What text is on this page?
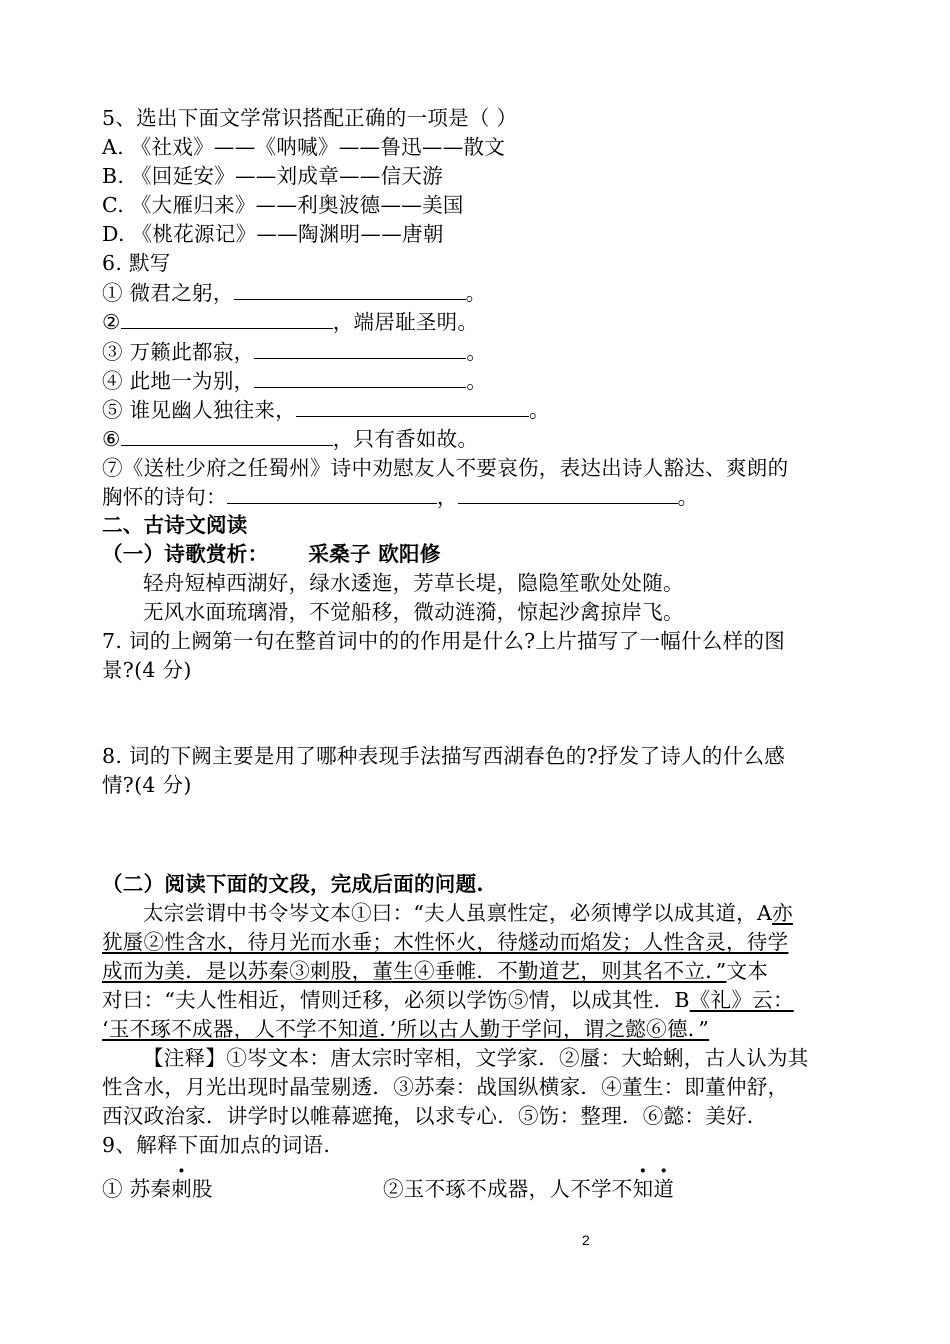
5、选出下面文学常识搭配正确的一项是（ ）
A. 《社戏》——《呐喊》——鲁迅——散文
B. 《回延安》——刘成章——信天游
C. 《大雁归来》——利奥波德——美国
D. 《桃花源记》——陶渊明——唐朝
6. 默写
① 微君之躬，	。
②	，端居耻圣明。
③ 万籁此都寂，	。
④ 此地一为别，	。
⑤ 谁见幽人独往来，	。
⑥	，只有香如故。
⑦《送杜少府之任蜀州》诗中劝慰友人不要哀伤，表达出诗人豁达、爽朗的
胸怀的诗句：	，	。
二、古诗文阅读
（一）诗歌赏析： 采桑子 欧阳修
轻舟短棹西湖好，绿水逶迤，芳草长堤，隐隐笙歌处处随。
无风水面琉璃滑，不觉船移，微动涟漪，惊起沙禽掠岸飞。
7. 词的上阙第一句在整首词中的的作用是什么?上片描写了一幅什么样的图
景?(4 分)
8. 词的下阙主要是用了哪种表现手法描写西湖春色的?抒发了诗人的什么感
情?(4 分)
（二）阅读下面的文段，完成后面的问题.
太宗尝谓中书令岑文本①曰：“夫人虽禀性定，必须博学以成其道，A亦
犹蜃②性含水，待月光而水垂；木性怀火，待燧动而焰发；人性含灵，待学
成而为美．是以苏秦③刺股，董生④垂帷．不勤道艺，则其名不立．”文本
对曰：“夫人性相近，情则迁移，必须以学饬⑤情，以成其性．B《礼》云：
‘玉不琢不成器，人不学不知道．’所以古人勤于学问，谓之懿⑥德．”
【注释】①岑文本：唐太宗时宰相，文学家．②蜃：大蛤蜊，古人认为其
性含水，月光出现时晶莹剔透．③苏秦：战国纵横家．④董生：即董仲舒，
西汉政治家．讲学时以帷幕遮掩，以求专心．⑤饬：整理．⑥懿：美好．
9、解释下面加点的词语.
① 苏秦刺股	②玉不琢不成器，人不学不知道
2
